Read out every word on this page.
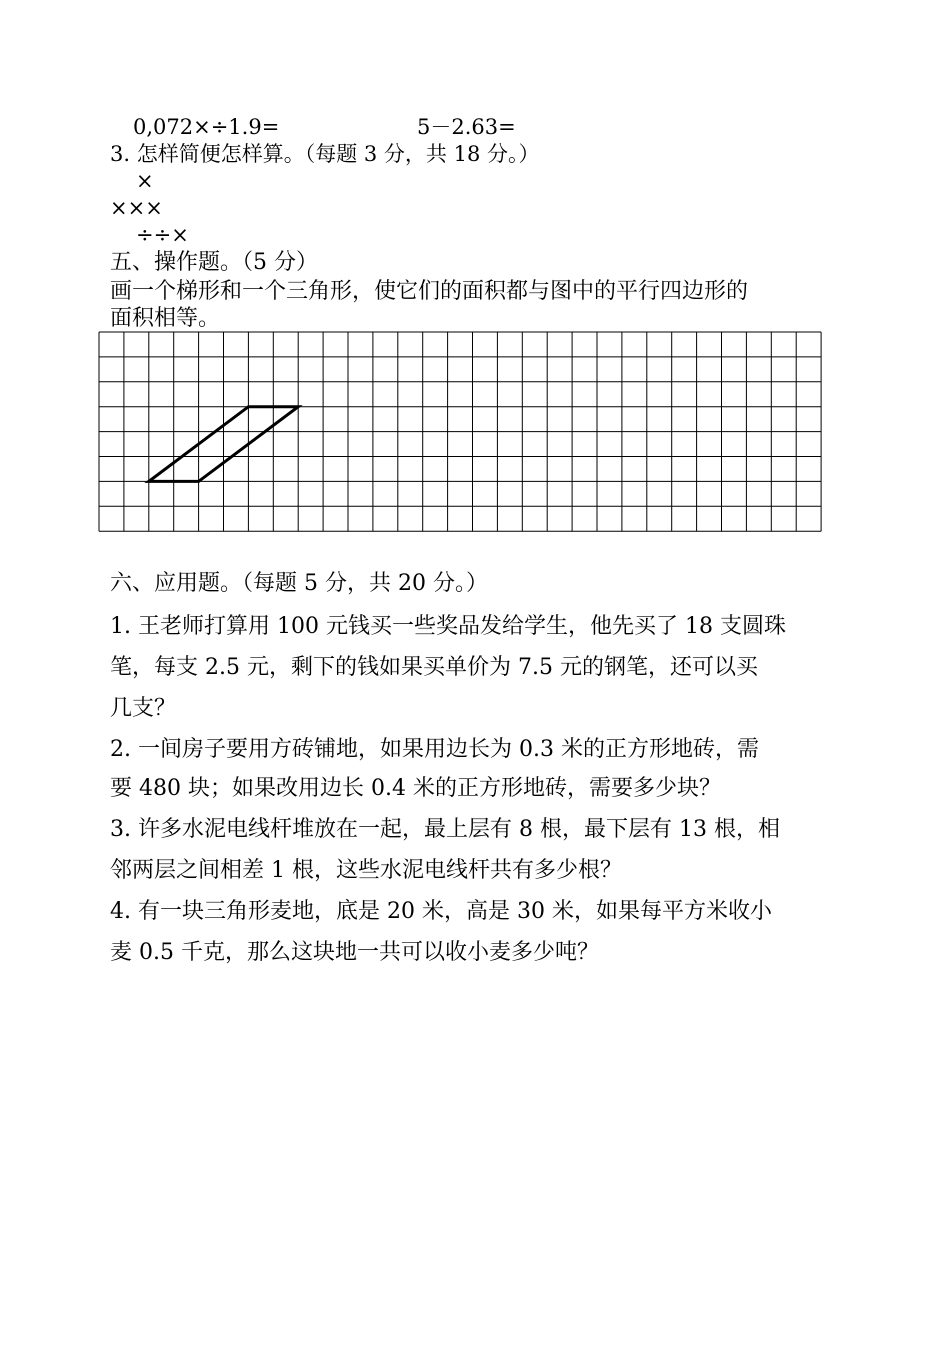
0,072×÷1.9=	5－2.63=
3. 怎样简便怎样算。（每题 3 分，共 18 分。）
×
×××
÷÷×
五、操作题。（5 分）
画一个梯形和一个三角形，使它们的面积都与图中的平行四边形的
面积相等。
六、应用题。（每题 5 分，共 20 分。）
1. 王老师打算用 100 元钱买一些奖品发给学生，他先买了 18 支圆珠
笔，每支 2.5 元，剩下的钱如果买单价为 7.5 元的钢笔，还可以买
几支？
2. 一间房子要用方砖铺地，如果用边长为 0.3 米的正方形地砖，需
要 480 块；如果改用边长 0.4 米的正方形地砖，需要多少块？
3. 许多水泥电线杆堆放在一起，最上层有 8 根，最下层有 13 根，相
邻两层之间相差 1 根，这些水泥电线杆共有多少根？
4. 有一块三角形麦地，底是 20 米，高是 30 米，如果每平方米收小
麦 0.5 千克，那么这块地一共可以收小麦多少吨？
